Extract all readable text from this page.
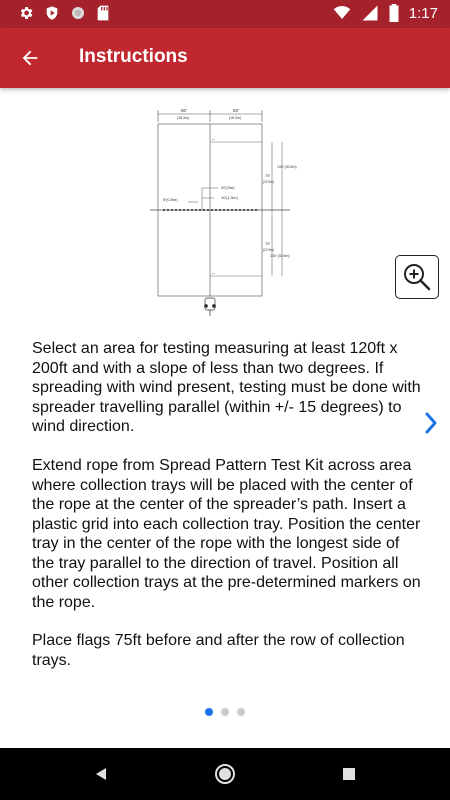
1:17
Instructions
60'
(18.3m)
60'
(18.3m)
100' (30.5m)
75'
(22.9m)
20'(3m)
10'(1.5m)
5'(0.8m)
75'
(22.9m)
100' (30.5m)
⌐
⌐

Select an area for testing measuring at least 120ft x 200ft and with a slope of less than two degrees. If spreading with wind present, testing must be done with spreader travelling parallel (within +/- 15 degrees) to wind direction.

Extend rope from Spread Pattern Test Kit across area where collection trays will be placed with the center of the rope at the center of the spreader’s path. Insert a plastic grid into each collection tray. Position the center tray in the center of the rope with the longest side of the tray parallel to the direction of travel. Position all other collection trays at the pre-determined markers on the rope.

Place flags 75ft before and after the row of collection trays.
